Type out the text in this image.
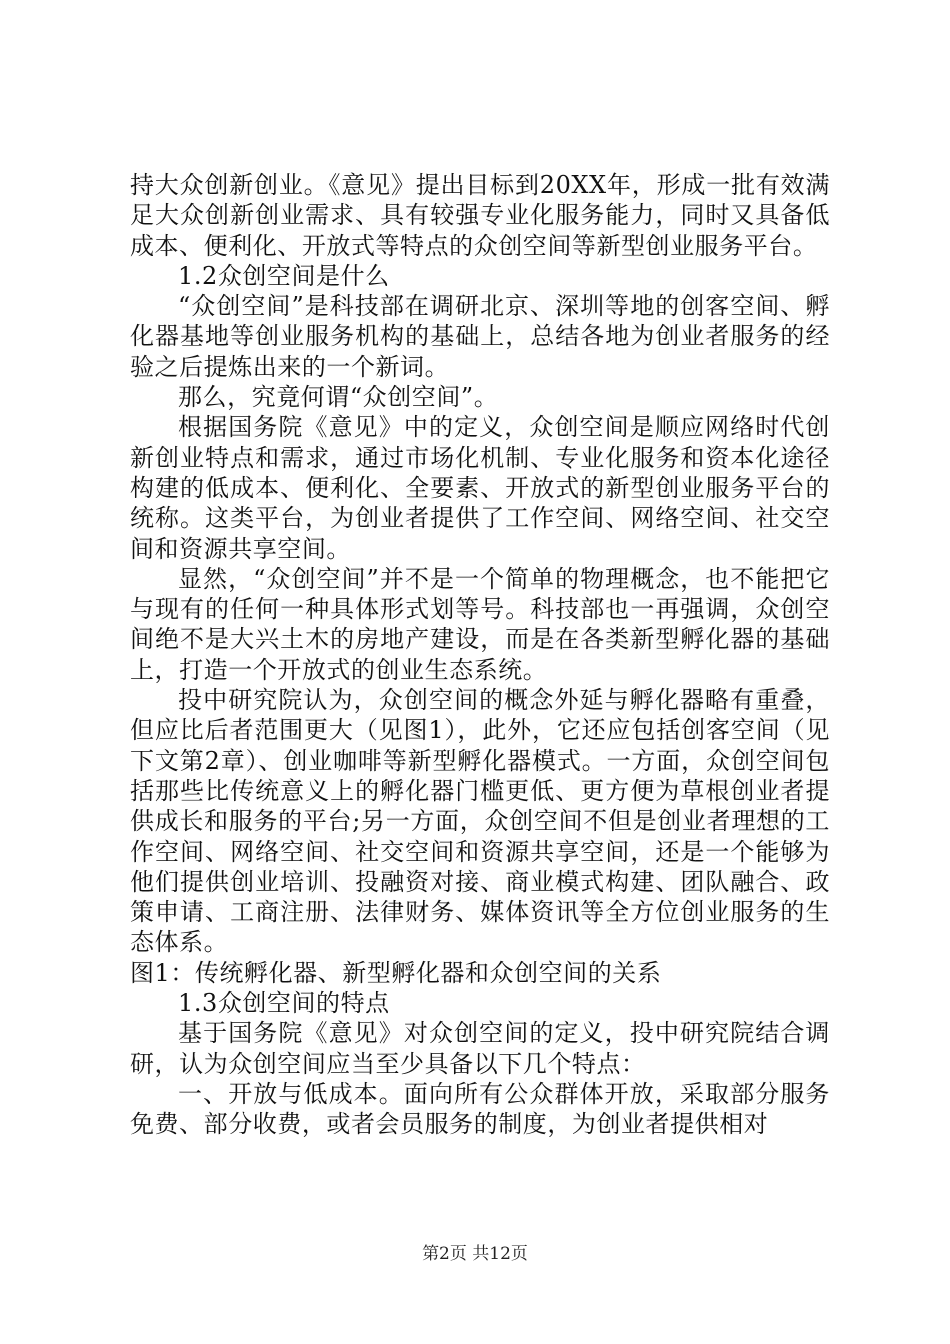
持大众创新创业。《意见》提出目标到20XX年，形成一批有效满足大众创新创业需求、具有较强专业化服务能力，同时又具备低成本、便利化、开放式等特点的众创空间等新型创业服务平台。

1.2众创空间是什么

“众创空间”是科技部在调研北京、深圳等地的创客空间、孵化器基地等创业服务机构的基础上，总结各地为创业者服务的经验之后提炼出来的一个新词。

那么，究竟何谓“众创空间”。

根据国务院《意见》中的定义，众创空间是顺应网络时代创新创业特点和需求，通过市场化机制、专业化服务和资本化途径构建的低成本、便利化、全要素、开放式的新型创业服务平台的统称。这类平台，为创业者提供了工作空间、网络空间、社交空间和资源共享空间。

显然，“众创空间”并不是一个简单的物理概念，也不能把它与现有的任何一种具体形式划等号。科技部也一再强调，众创空间绝不是大兴土木的房地产建设，而是在各类新型孵化器的基础上，打造一个开放式的创业生态系统。

投中研究院认为，众创空间的概念外延与孵化器略有重叠，但应比后者范围更大（见图1），此外，它还应包括创客空间（见下文第2章）、创业咖啡等新型孵化器模式。一方面，众创空间包括那些比传统意义上的孵化器门槛更低、更方便为草根创业者提供成长和服务的平台;另一方面，众创空间不但是创业者理想的工作空间、网络空间、社交空间和资源共享空间，还是一个能够为他们提供创业培训、投融资对接、商业模式构建、团队融合、政策申请、工商注册、法律财务、媒体资讯等全方位创业服务的生态体系。

图1：传统孵化器、新型孵化器和众创空间的关系

1.3众创空间的特点

基于国务院《意见》对众创空间的定义，投中研究院结合调研，认为众创空间应当至少具备以下几个特点：

一、开放与低成本。面向所有公众群体开放，采取部分服务免费、部分收费，或者会员服务的制度，为创业者提供相对

第2页 共12页
